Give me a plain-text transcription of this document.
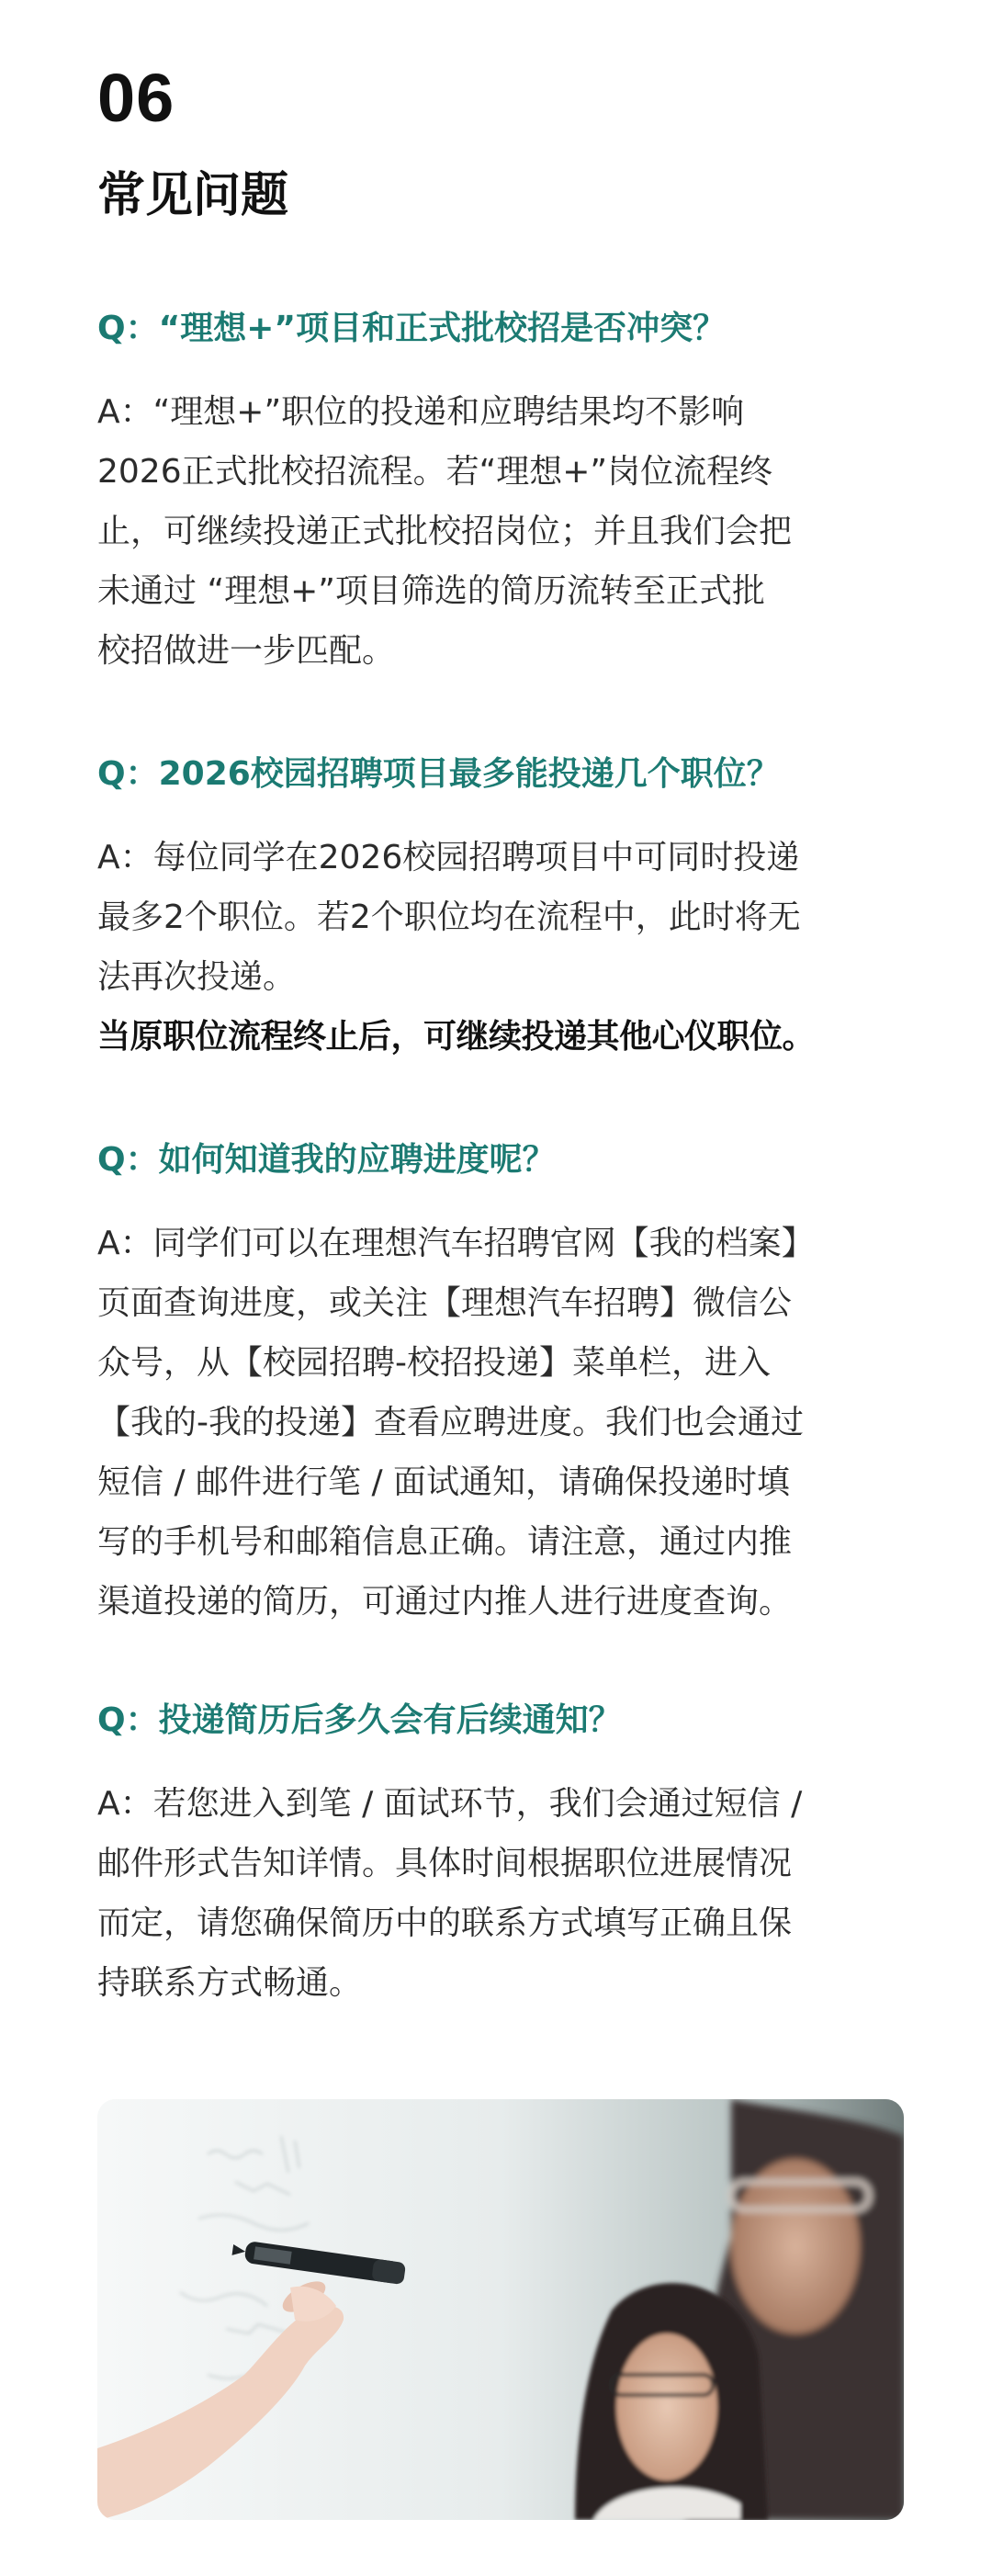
06
常见问题
Q：“理想+”项目和正式批校招是否冲突？
A：“理想+”职位的投递和应聘结果均不影响
2026正式批校招流程。若“理想+”岗位流程终
止，可继续投递正式批校招岗位；并且我们会把
未通过 “理想+”项目筛选的简历流转至正式批
校招做进一步匹配。
Q：2026校园招聘项目最多能投递几个职位？
A：每位同学在2026校园招聘项目中可同时投递
最多2个职位。若2个职位均在流程中，此时将无
法再次投递。
当原职位流程终止后，可继续投递其他心仪职位。
Q：如何知道我的应聘进度呢？
A：同学们可以在理想汽车招聘官网【我的档案】
页面查询进度，或关注【理想汽车招聘】微信公
众号，从【校园招聘-校招投递】菜单栏，进入
【我的-我的投递】查看应聘进度。我们也会通过
短信 / 邮件进行笔 / 面试通知，请确保投递时填
写的手机号和邮箱信息正确。请注意，通过内推
渠道投递的简历，可通过内推人进行进度查询。
Q：投递简历后多久会有后续通知？
A：若您进入到笔 / 面试环节，我们会通过短信 /
邮件形式告知详情。具体时间根据职位进展情况
而定，请您确保简历中的联系方式填写正确且保
持联系方式畅通。
